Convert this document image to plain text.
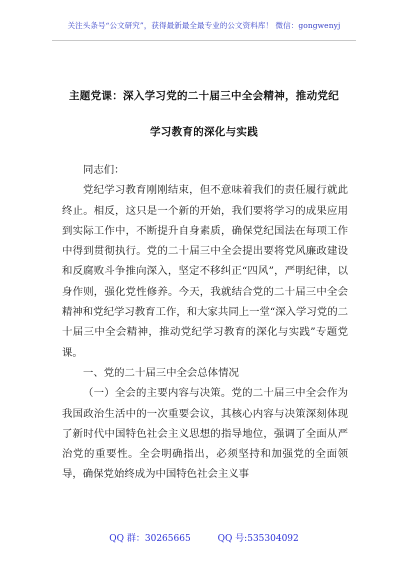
关注头条号“公文研究”，获得最新最全最专业的公文资料库！ 微信：gongwenyj
主题党课：深入学习党的二十届三中全会精神，推动党纪
学习教育的深化与实践

同志们：

党纪学习教育刚刚结束，但不意味着我们的责任履行就此终止。相反，这只是一个新的开始，我们要将学习的成果应用到实际工作中，不断提升自身素质，确保党纪国法在每项工作中得到贯彻执行。党的二十届三中全会提出要将党风廉政建设和反腐败斗争推向深入，坚定不移纠正“四风”，严明纪律，以身作则，强化党性修养。今天，我就结合党的二十届三中全会精神和党纪学习教育工作，和大家共同上一堂“深入学习党的二十届三中全会精神，推动党纪学习教育的深化与实践”专题党课。

一、党的二十届三中全会总体情况

（一）全会的主要内容与决策。党的二十届三中全会作为我国政治生活中的一次重要会议，其核心内容与决策深刻体现了新时代中国特色社会主义思想的指导地位，强调了全面从严治党的重要性。全会明确指出，必须坚持和加强党的全面领导，确保党始终成为中国特色社会主义事

QQ 群：30265665	QQ 号:535304092
